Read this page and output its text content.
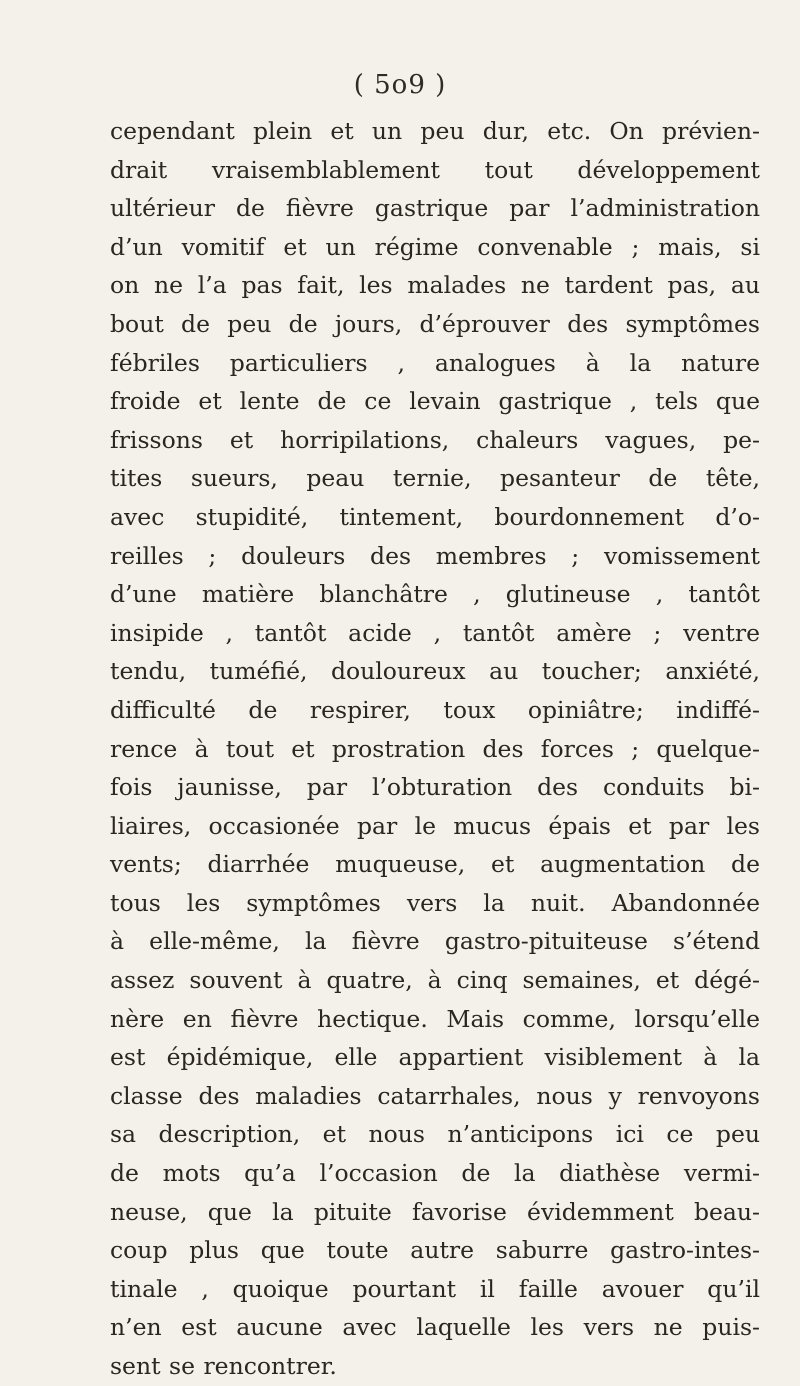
( 5o9 )
cependant plein et un peu dur, etc. On prévien-
drait vraisemblablement tout développement
ultérieur de fièvre gastrique par l’administration
d’un vomitif et un régime convenable ; mais, si
on ne l’a pas fait, les malades ne tardent pas, au
bout de peu de jours, d’éprouver des symptômes
fébriles particuliers , analogues à la nature
froide et lente de ce levain gastrique , tels que
frissons et horripilations, chaleurs vagues, pe-
tites sueurs, peau ternie, pesanteur de tête,
avec stupidité, tintement, bourdonnement d’o-
reilles ; douleurs des membres ; vomissement
d’une matière blanchâtre , glutineuse , tantôt
insipide , tantôt acide , tantôt amère ; ventre
tendu, tuméfié, douloureux au toucher; anxiété,
difficulté de respirer, toux opiniâtre; indiffé-
rence à tout et prostration des forces ; quelque-
fois jaunisse, par l’obturation des conduits bi-
liaires, occasionée par le mucus épais et par les
vents; diarrhée muqueuse, et augmentation de
tous les symptômes vers la nuit. Abandonnée
à elle-même, la fièvre gastro-pituiteuse s’étend
assez souvent à quatre, à cinq semaines, et dégé-
nère en fièvre hectique. Mais comme, lorsqu’elle
est épidémique, elle appartient visiblement à la
classe des maladies catarrhales, nous y renvoyons
sa description, et nous n’anticipons ici ce peu
de mots qu’a l’occasion de la diathèse vermi-
neuse, que la pituite favorise évidemment beau-
coup plus que toute autre saburre gastro-intes-
tinale , quoique pourtant il faille avouer qu’il
n’en est aucune avec laquelle les vers ne puis-
sent se rencontrer.
